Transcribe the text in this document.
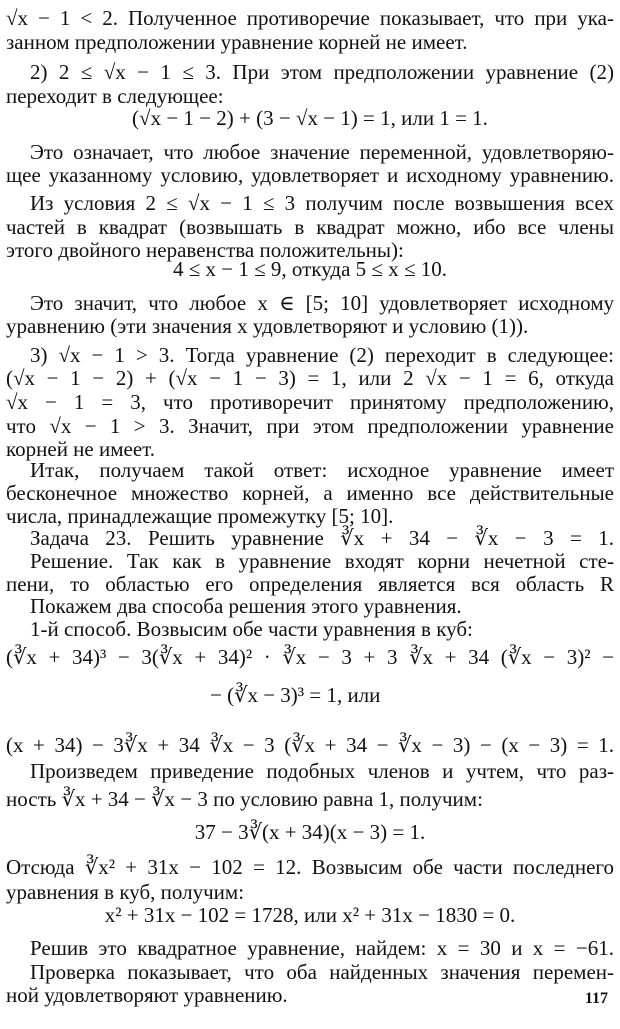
√x − 1 < 2. Полученное противоречие показывает, что при ука-
занном предположении уравнение корней не имеет.
2) 2 ≤ √x − 1 ≤ 3. При этом предположении уравнение (2)
переходит в следующее:
(√x − 1 − 2) + (3 − √x − 1) = 1, или 1 = 1.
Это означает, что любое значение переменной, удовлетворяю-
щее указанному условию, удовлетворяет и исходному уравнению.
Из условия 2 ≤ √x − 1 ≤ 3 получим после возвышения всех
частей в квадрат (возвышать в квадрат можно, ибо все члены
этого двойного неравенства положительны):
4 ≤ x − 1 ≤ 9, откуда 5 ≤ x ≤ 10.
Это значит, что любое x ∈ [5; 10] удовлетворяет исходному
уравнению (эти значения x удовлетворяют и условию (1)).
3) √x − 1 > 3. Тогда уравнение (2) переходит в следующее:
(√x − 1 − 2) + (√x − 1 − 3) = 1, или 2 √x − 1 = 6, откуда
√x − 1 = 3, что противоречит принятому предположению,
что √x − 1 > 3. Значит, при этом предположении уравнение
корней не имеет.
Итак, получаем такой ответ: исходное уравнение имеет
бесконечное множество корней, а именно все действительные
числа, принадлежащие промежутку [5; 10].
Задача 23. Решить уравнение ∛x + 34 − ∛x − 3 = 1.
Решение. Так как в уравнение входят корни нечетной сте-
пени, то областью его определения является вся область R
Покажем два способа решения этого уравнения.
1-й способ. Возвысим обе части уравнения в куб:
(∛x + 34)³ − 3(∛x + 34)² · ∛x − 3 + 3 ∛x + 34 (∛x − 3)² −
− (∛x − 3)³ = 1, или
(x + 34) − 3∛x + 34 ∛x − 3 (∛x + 34 − ∛x − 3) − (x − 3) = 1.
Произведем приведение подобных членов и учтем, что раз-
ность ∛x + 34 − ∛x − 3 по условию равна 1, получим:
37 − 3∛(x + 34)(x − 3) = 1.
Отсюда ∛x² + 31x − 102 = 12. Возвысим обе части последнего
уравнения в куб, получим:
x² + 31x − 102 = 1728, или x² + 31x − 1830 = 0.
Решив это квадратное уравнение, найдем: x = 30 и x = −61.
Проверка показывает, что оба найденных значения перемен-
ной удовлетворяют уравнению.	117
